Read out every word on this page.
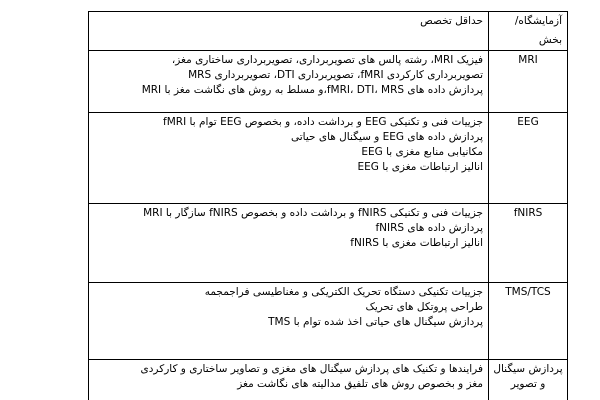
آزمایشگاه/بخش	حداقل تخصص
MRI	فیزیک MRI، رشته پالس های تصویربرداری، تصویربرداری ساختاری مغز،
تصویربرداری کارکردی fMRI، تصویربرداری DTI، تصویربرداری MRS
پردازش داده های fMRI، DTI، MRS،و مسلط به روش های نگاشت مغز با MRI

EEG	جزییات فنی و تکنیکی EEG و برداشت داده، و بخصوص EEG توام با fMRI
پردازش داده های EEG و سیگنال های حیاتی
مکانیابی منابع مغزی با EEG
انالیز ارتباطات مغزی با EEG

fNIRS	جزییات فنی و تکنیکی fNIRS و برداشت داده و بخصوص fNIRS سازگار با MRI
پردازش داده های fNIRS
انالیز ارتباطات مغزی با fNIRS

TMS/TCS	جزییات تکنیکی دستگاه تحریک الکتریکی و مغناطیسی فراجمجمه
طراحی پروتکل های تحریک
پردازش سیگنال های حیاتی اخذ شده توام با TMS

پردازش سیگنال و تصویر	فرایندها و تکنیک های پردازش سیگنال های مغزی و تصاویر ساختاری و کارکردی
مغز و بخصوص روش های تلفیق مدالیته های نگاشت مغز
